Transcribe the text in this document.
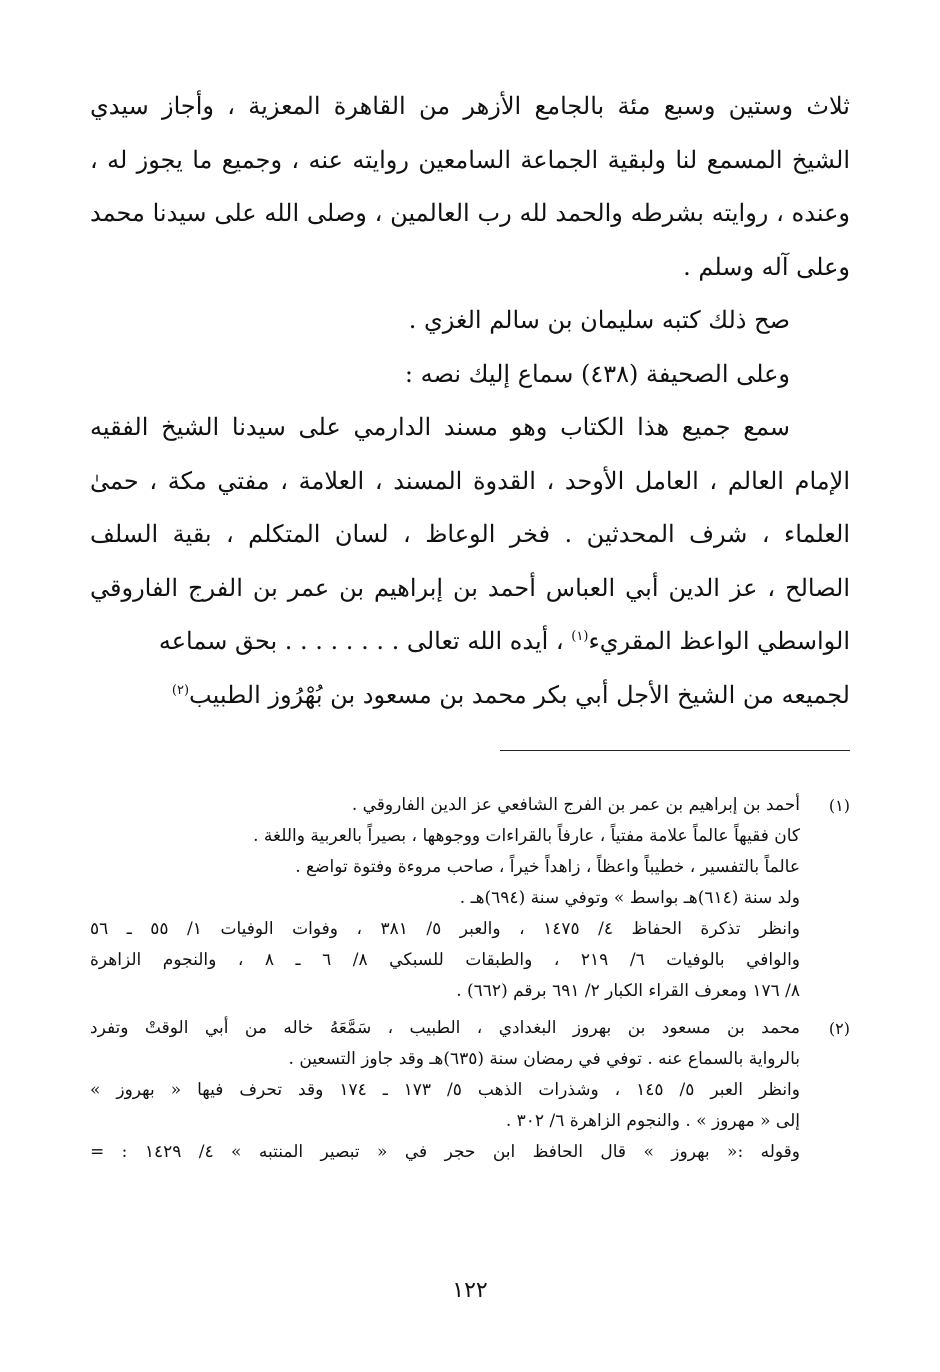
ثلاث وستين وسبع مئة بالجامع الأزهر من القاهرة المعزية ، وأجاز سيدي
الشيخ المسمع لنا ولبقية الجماعة السامعين روايته عنه ، وجميع ما يجوز له ،
وعنده ، روايته بشرطه والحمد لله رب العالمين ، وصلى الله على سيدنا محمد
وعلى آله وسلم .
صح ذلك كتبه سليمان بن سالم الغزي .
وعلى الصحيفة (٤٣٨) سماع إليك نصه :
سمع جميع هذا الكتاب وهو مسند الدارمي على سيدنا الشيخ الفقيه
الإمام العالم ، العامل الأوحد ، القدوة المسند ، العلامة ، مفتي مكة ، حمىٰ
العلماء ، شرف المحدثين . فخر الوعاظ ، لسان المتكلم ، بقية السلف
الصالح ، عز الدين أبي العباس أحمد بن إبراهيم بن عمر بن الفرج الفاروقي
الواسطي الواعظ المقريء$^{(١)}$ ، أيده الله تعالى . . . . . . . . بحق سماعه
لجميعه من الشيخ الأجل أبي بكر محمد بن مسعود بن بُهْرُوز الطبيب$^{(٢)}$
(١)
أحمد بن إبراهيم بن عمر بن الفرج الشافعي عز الدين الفاروقي .
كان فقيهاً عالماً علامة مفتياً ، عارفاً بالقراءات ووجوهها ، بصيراً بالعربية واللغة .
عالماً بالتفسير ، خطيباً واعظاً ، زاهداً خيراً ، صاحب مروءة وفتوة تواضع .
ولد سنة (٦١٤)هـ بواسط » وتوفي سنة (٦٩٤)هـ .
وانظر تذكرة الحفاظ ٤/ ١٤٧٥ ، والعبر ٥/ ٣٨١ ، وفوات الوفيات ١/ ٥٥ ـ ٥٦
والوافي بالوفيات ٦/ ٢١٩ ، والطبقات للسبكي ٨/ ٦ ـ ٨ ، والنجوم الزاهرة
٨/ ١٧٦ ومعرف القراء الكبار ٢/ ٦٩١ برقم (٦٦٢) .
(٢)
محمد بن مسعود بن بهروز البغدادي ، الطبيب ، سَمَّعَهُ خاله من أبي الوقتْ وتفرد
بالرواية بالسماع عنه . توفي في رمضان سنة (٦٣٥)هـ وقد جاوز التسعين .
وانظر العبر ٥/ ١٤٥ ، وشذرات الذهب ٥/ ١٧٣ ـ ١٧٤ وقد تحرف فيها « بهروز »
إلى « مهروز » . والنجوم الزاهرة ٦/ ٣٠٢ .
وقوله :« بهروز » قال الحافظ ابن حجر في « تبصير المنتبه » ٤/ ١٤٢٩ : =
١٢٢
